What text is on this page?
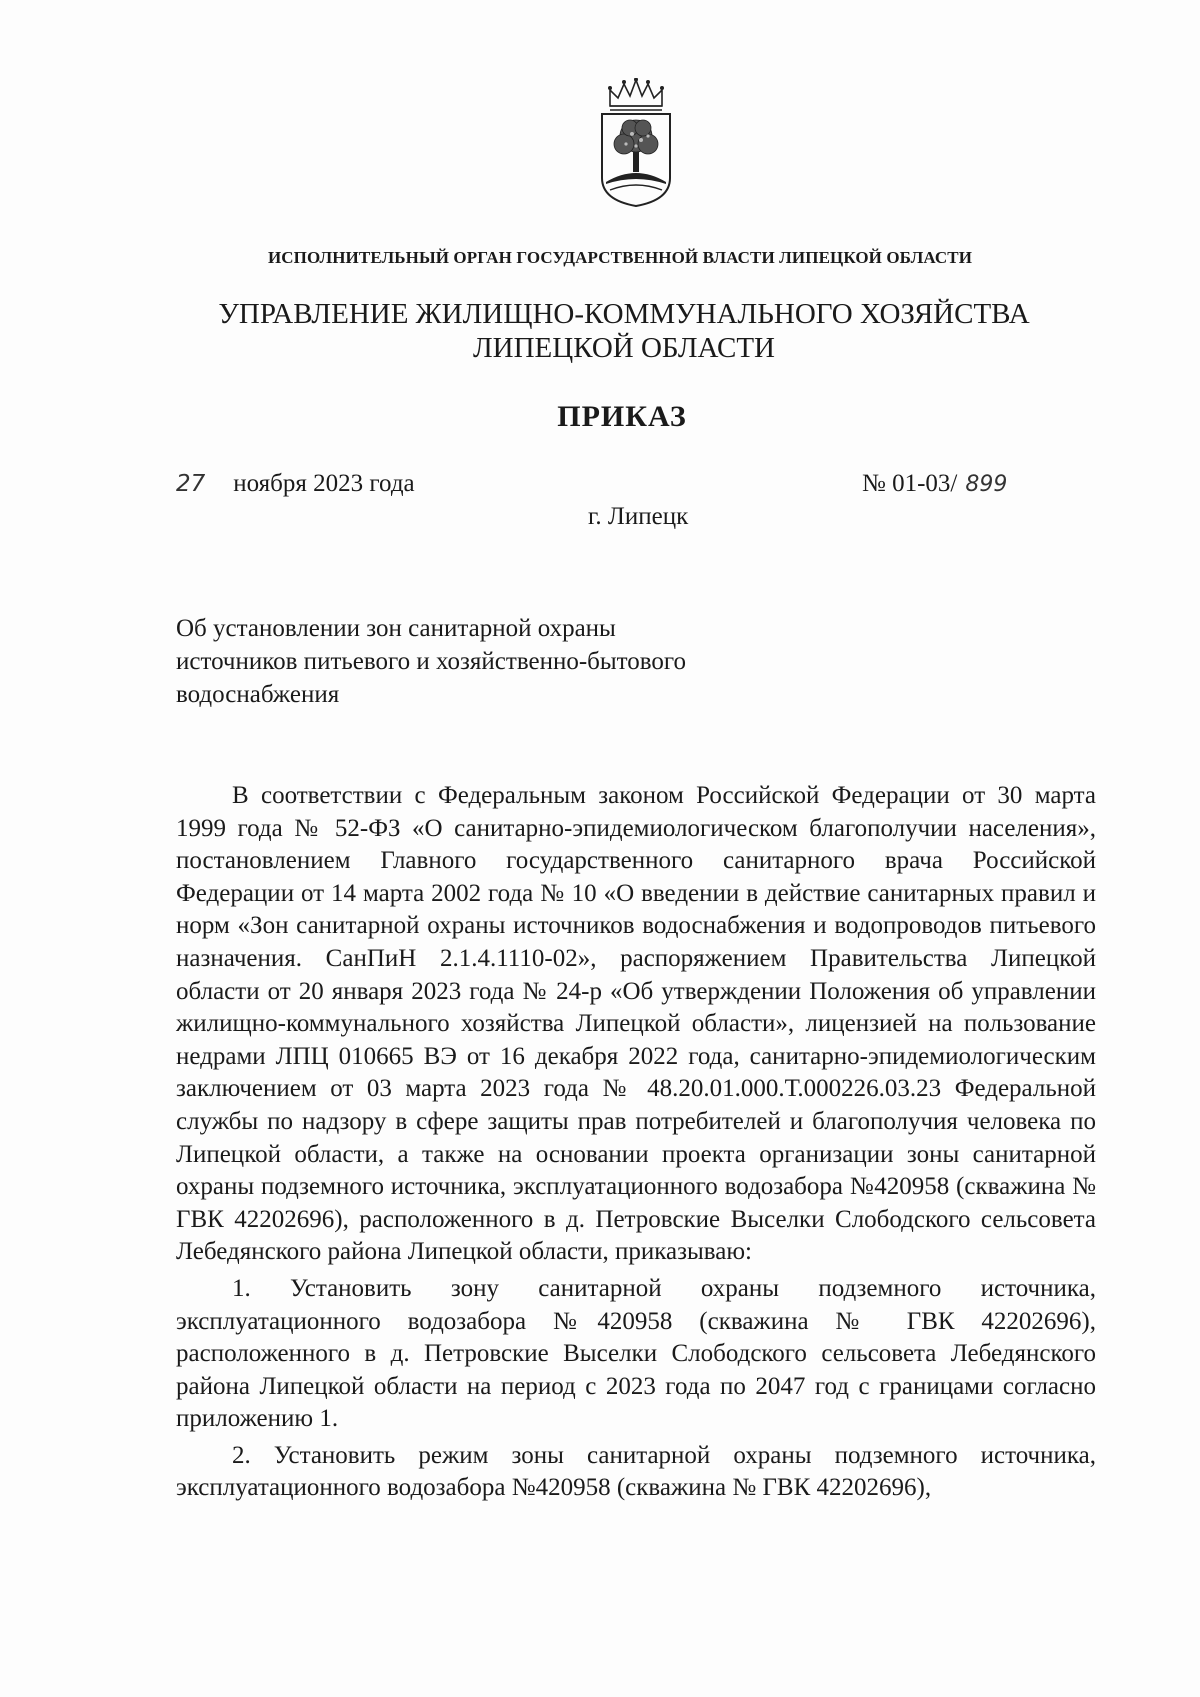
ИСПОЛНИТЕЛЬНЫЙ ОРГАН ГОСУДАРСТВЕННОЙ ВЛАСТИ ЛИПЕЦКОЙ ОБЛАСТИ
УПРАВЛЕНИЕ ЖИЛИЩНО-КОММУНАЛЬНОГО ХОЗЯЙСТВА
ЛИПЕЦКОЙ ОБЛАСТИ
ПРИКАЗ
27 ноября 2023 года	№ 01-03/ 899
г. Липецк
Об установлении зон санитарной охраны
источников питьевого и хозяйственно-бытового
водоснабжения

В соответствии с Федеральным законом Российской Федерации от 30 марта 1999 года № 52-ФЗ «О санитарно-эпидемиологическом благополучии населения», постановлением Главного государственного санитарного врача Российской Федерации от 14 марта 2002 года № 10 «О введении в действие санитарных правил и норм «Зон санитарной охраны источников водоснабжения и водопроводов питьевого назначения. СанПиН 2.1.4.1110-02», распоряжением Правительства Липецкой области от 20 января 2023 года № 24-р «Об утверждении Положения об управлении жилищно-коммунального хозяйства Липецкой области», лицензией на пользование недрами ЛПЦ 010665 ВЭ от 16 декабря 2022 года, санитарно-эпидемиологическим заключением от 03 марта 2023 года № 48.20.01.000.Т.000226.03.23 Федеральной службы по надзору в сфере защиты прав потребителей и благополучия человека по Липецкой области, а также на основании проекта организации зоны санитарной охраны подземного источника, эксплуатационного водозабора №420958 (скважина № ГВК 42202696), расположенного в д. Петровские Выселки Слободского сельсовета Лебедянского района Липецкой области, приказываю:

1. Установить зону санитарной охраны подземного источника, эксплуатационного водозабора №420958 (скважина № ГВК 42202696), расположенного в д. Петровские Выселки Слободского сельсовета Лебедянского района Липецкой области на период с 2023 года по 2047 год с границами согласно приложению 1.

2. Установить режим зоны санитарной охраны подземного источника, эксплуатационного водозабора №420958 (скважина № ГВК 42202696),
